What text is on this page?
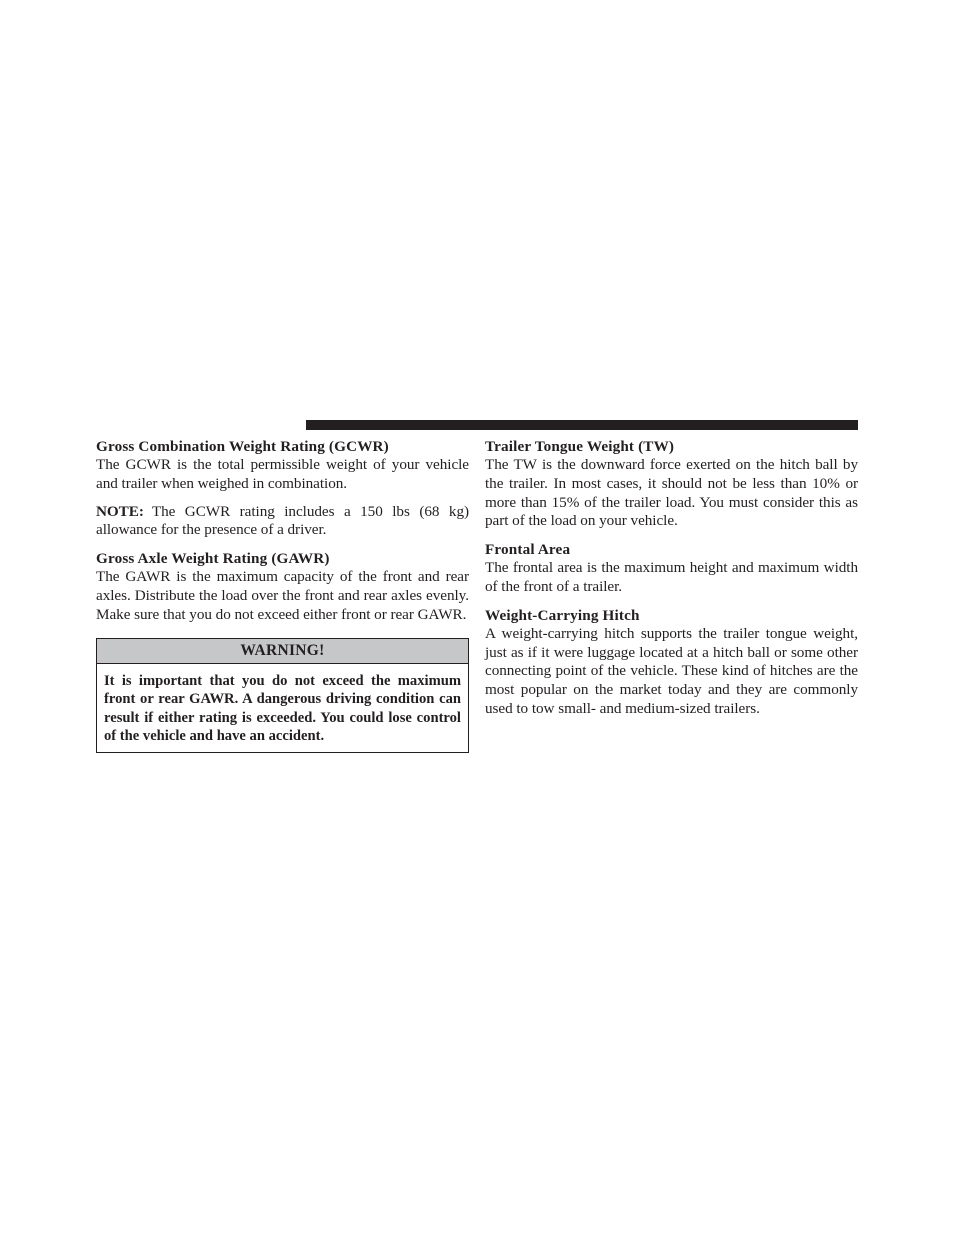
Gross Combination Weight Rating (GCWR)

The GCWR is the total permissible weight of your vehicle and trailer when weighed in combination.

NOTE: The GCWR rating includes a 150 lbs (68 kg) allowance for the presence of a driver.

Gross Axle Weight Rating (GAWR)

The GAWR is the maximum capacity of the front and rear axles. Distribute the load over the front and rear axles evenly. Make sure that you do not exceed either front or rear GAWR.

WARNING!
It is important that you do not exceed the maximum front or rear GAWR. A dangerous driving condition can result if either rating is exceeded. You could lose control of the vehicle and have an accident.
Trailer Tongue Weight (TW)

The TW is the downward force exerted on the hitch ball by the trailer. In most cases, it should not be less than 10% or more than 15% of the trailer load. You must consider this as part of the load on your vehicle.

Frontal Area

The frontal area is the maximum height and maximum width of the front of a trailer.

Weight-Carrying Hitch

A weight-carrying hitch supports the trailer tongue weight, just as if it were luggage located at a hitch ball or some other connecting point of the vehicle. These kind of hitches are the most popular on the market today and they are commonly used to tow small- and medium-sized trailers.
